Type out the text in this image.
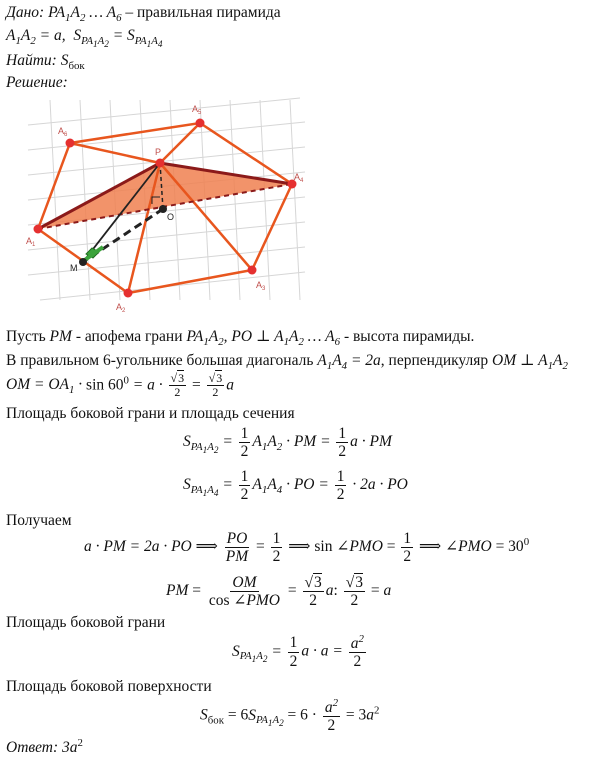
Дано: $PA_1A_2$ … $A_6$ – правильная пирамида
$A_1A_2 = a$,  $S_{PA_1A_2} = S_{PA_1A_4}$
Найти: $S_{бок}$
Решение:
$A_1$
$A_2$
$A_3$
$A_4$
$A_5$
$A_6$
P
O
M
Пусть PM - апофема грани $PA_1A_2$, PO ⊥ $A_1A_2$ … $A_6$ - высота пирамиды.
В правильном 6-угольнике большая диагональ $A_1A_4 = 2a$, перпендикуляр OM ⊥ $A_1A_2$
OM = $OA_1 \cdot \sin 60^0 = a \cdot \frac{√3}{2} = \frac{√3}{2}$ a
Площадь боковой грани и площадь сечения
$S_{PA_1A_2} = \frac{1}{2} A_1A_2$ · PM = $\frac{1}{2}$ a · PM
$S_{PA_1A_4} = \frac{1}{2} A_1A_4$ · PO = $\frac{1}{2} \cdot 2a$ · PO
Получаем
a · PM = 2a · PO ⟹ $\frac{PO}{PM} = \frac{1}{2}$ ⟹ sin ∠PMO = $\frac{1}{2}$ ⟹ ∠PMO = $30^0$
PM = $\frac{OM}{\text{cos ∠PMO}} = \frac{√3}{2} a$: $\frac{√3}{2} = a$
Площадь боковой грани
$S_{PA_1A_2} = \frac{1}{2}$ $a \cdot a = \frac{a^2}{2}$
Площадь боковой поверхности
$S_{бок} = 6S_{PA_1A_2} = 6 \cdot \frac{a^2}{2} = 3a^2$
Ответ: $3a^2$
